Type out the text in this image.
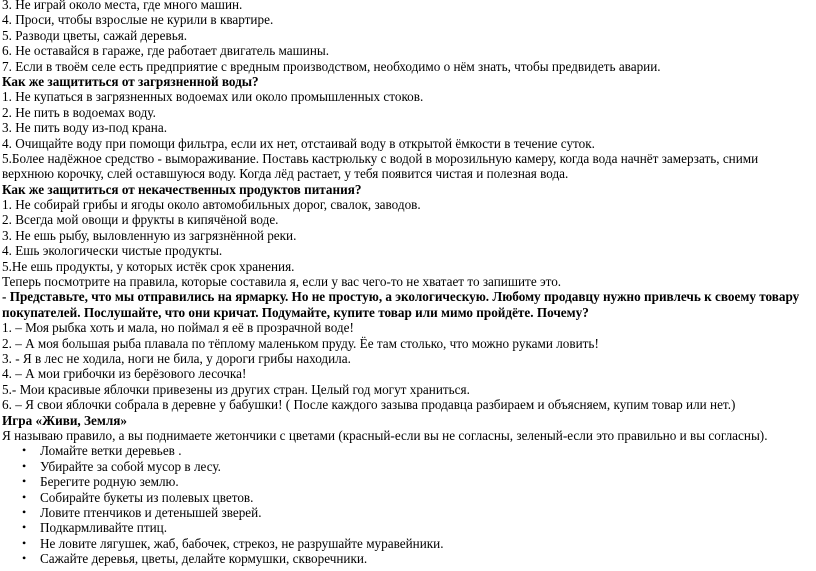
3. Не играй около места, где много машин.
4. Проси, чтобы взрослые не курили в квартире.
5. Разводи цветы, сажай деревья.
6. Не оставайся в гараже, где работает двигатель машины.
7. Если в твоём селе есть предприятие с вредным производством, необходимо о нём знать, чтобы предвидеть аварии.
Как же защититься от загрязненной воды?
1. Не купаться в загрязненных водоемах или около промышленных стоков.
2. Не пить в водоемах воду.
3. Не пить воду из-под крана.
4. Очищайте воду при помощи фильтра, если их нет, отстаивай воду в открытой ёмкости в течение суток.
5.Более надёжное средство - вымораживание. Поставь кастрюльку с водой в морозильную камеру, когда вода начнёт замерзать, сними
верхнюю корочку, слей оставшуюся воду. Когда лёд растает, у тебя появится чистая и полезная вода.
Как же защититься от некачественных продуктов питания?
1. Не собирай грибы и ягоды около автомобильных дорог, свалок, заводов.
2. Всегда мой овощи и фрукты в кипячёной воде.
3. Не ешь рыбу, выловленную из загрязнённой реки.
4. Ешь экологически чистые продукты.
5.Не ешь продукты, у которых истёк срок хранения.
Теперь посмотрите на правила, которые составила я, если у вас чего-то не хватает то запишите это.
- Представьте, что мы отправились на ярмарку. Но не простую, а экологическую. Любому продавцу нужно привлечь к своему товару
покупателей. Послушайте, что они кричат. Подумайте, купите товар или мимо пройдёте. Почему?
1. – Моя рыбка хоть и мала, но поймал я её в прозрачной воде!
2. – А моя большая рыба плавала по тёплому маленьком пруду. Ёе там столько, что можно руками ловить!
3. - Я в лес не ходила, ноги не била, у дороги грибы находила.
4. – А мои грибочки из берёзового лесочка!
5.- Мои красивые яблочки привезены из других стран. Целый год могут храниться.
6. – Я свои яблочки собрала в деревне у бабушки! ( После каждого зазыва продавца разбираем и объясняем, купим товар или нет.)
Игра «Живи, Земля»
Я называю правило, а вы поднимаете жетончики с цветами (красный-если вы не согласны, зеленый-если это правильно и вы согласны).
• Ломайте ветки деревьев .
• Убирайте за собой мусор в лесу.
• Берегите родную землю.
• Собирайте букеты из полевых цветов.
• Ловите птенчиков и детенышей зверей.
• Подкармливайте птиц.
• Не ловите лягушек, жаб, бабочек, стрекоз, не разрушайте муравейники.
• Сажайте деревья, цветы, делайте кормушки, скворечники.
